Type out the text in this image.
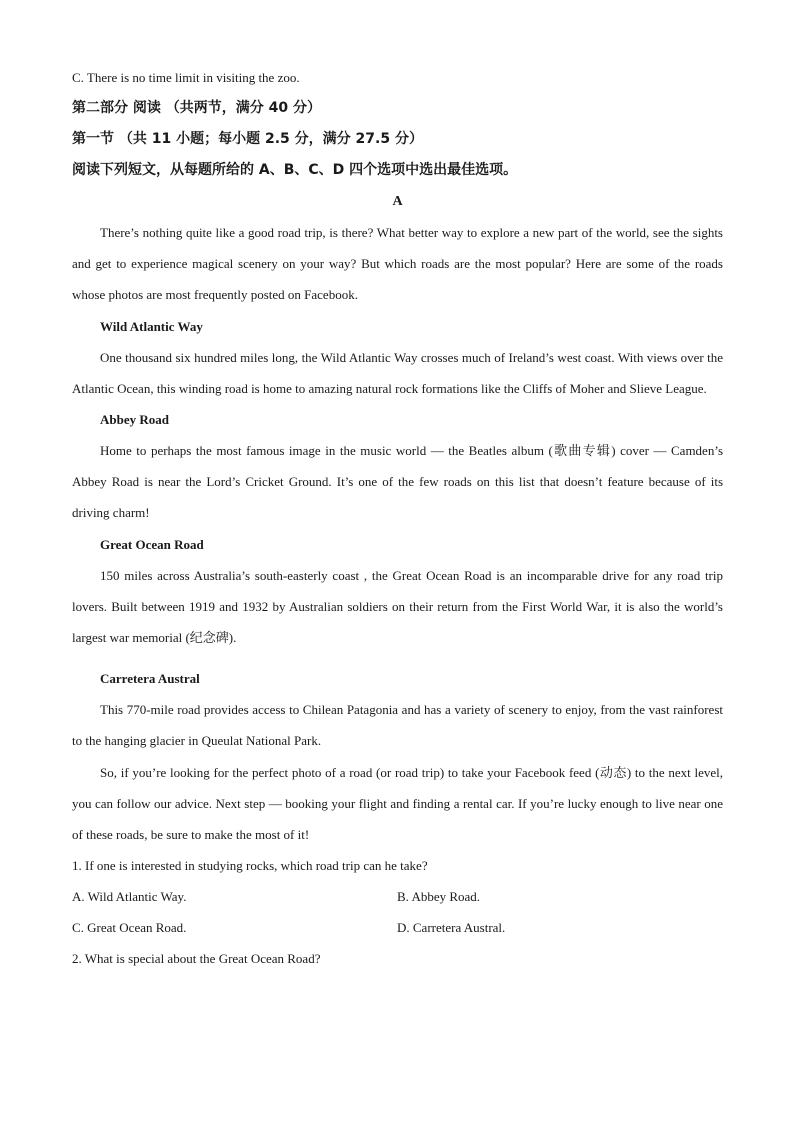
C. There is no time limit in visiting the zoo.
第二部分 阅读 （共两节，满分 40 分）
第一节 （共 11 小题；每小题 2.5 分，满分 27.5 分）
阅读下列短文，从每题所给的 A、B、C、D 四个选项中选出最佳选项。
A

There’s nothing quite like a good road trip, is there? What better way to explore a new part of the world, see the sights and get to experience magical scenery on your way? But which roads are the most popular? Here are some of the roads whose photos are most frequently posted on Facebook.

Wild Atlantic Way

One thousand six hundred miles long, the Wild Atlantic Way crosses much of Ireland’s west coast. With views over the Atlantic Ocean, this winding road is home to amazing natural rock formations like the Cliffs of Moher and Slieve League.

Abbey Road

Home to perhaps the most famous image in the music world — the Beatles album (歌曲专辑) cover — Camden’s Abbey Road is near the Lord’s Cricket Ground. It’s one of the few roads on this list that doesn’t feature because of its driving charm!

Great Ocean Road

150 miles across Australia’s south-easterly coast , the Great Ocean Road is an incomparable drive for any road trip lovers. Built between 1919 and 1932 by Australian soldiers on their return from the First World War, it is also the world’s largest war memorial (纪念碑).

Carretera Austral

This 770-mile road provides access to Chilean Patagonia and has a variety of scenery to enjoy, from the vast rainforest to the hanging glacier in Queulat National Park.

So, if you’re looking for the perfect photo of a road (or road trip) to take your Facebook feed (动态) to the next level, you can follow our advice. Next step — booking your flight and finding a rental car. If you’re lucky enough to live near one of these roads, be sure to make the most of it!

1. If one is interested in studying rocks, which road trip can he take?
A. Wild Atlantic Way.	B. Abbey Road.
C. Great Ocean Road.	D. Carretera Austral.
2. What is special about the Great Ocean Road?
